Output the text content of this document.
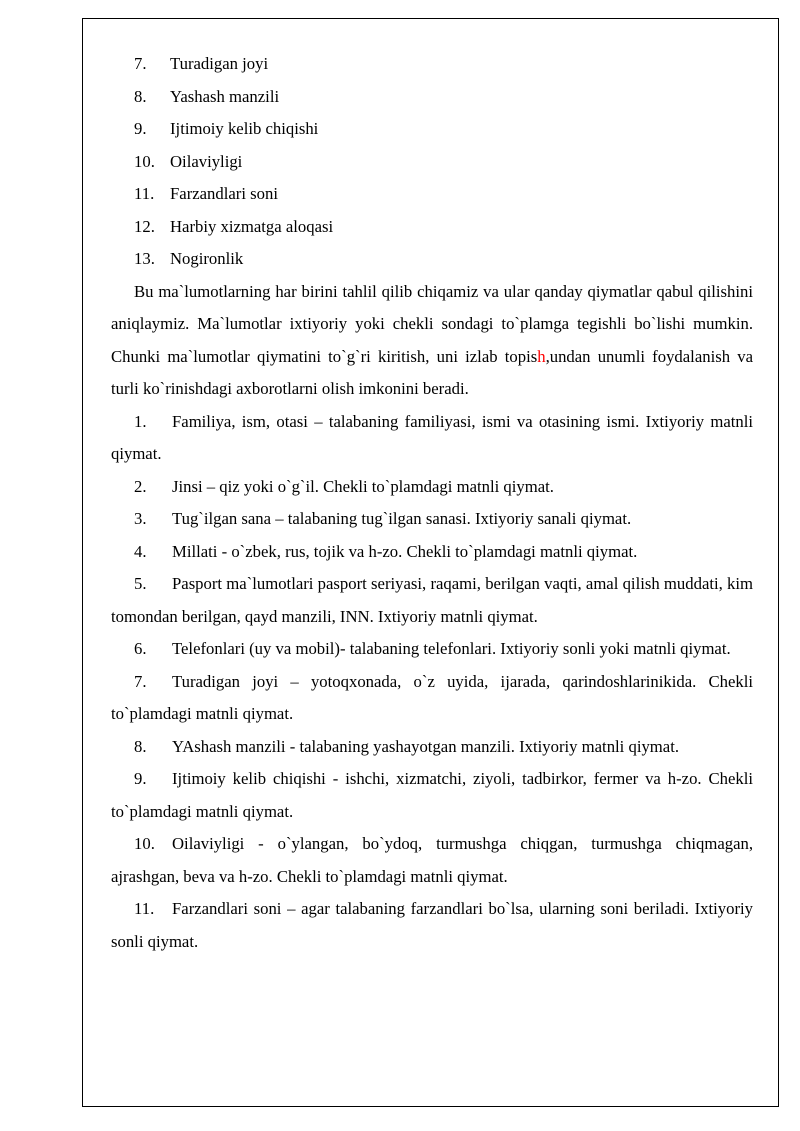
7.	Turadigan joyi
8.	Yashash manzili
9.	Ijtimoiy kelib chiqishi
10. Oilaviyligi
11. Farzandlari soni
12. Harbiy xizmatga aloqasi
13. Nogironlik

Bu ma`lumotlarning har birini tahlil qilib chiqamiz va ular qanday qiymatlar qabul qilishini aniqlaymiz. Ma`lumotlar ixtiyoriy yoki chekli sondagi to`plamga tegishli bo`lishi mumkin. Chunki ma`lumotlar qiymatini to`g`ri kiritish, uni izlab topish,undan unumli foydalanish va turli ko`rinishdagi axborotlarni olish imkonini beradi.

1. Familiya, ism, otasi – talabaning familiyasi, ismi va otasining ismi. Ixtiyoriy matnli qiymat.

2. Jinsi – qiz yoki o`g`il. Chekli to`plamdagi matnli qiymat.

3. Tug`ilgan sana – talabaning tug`ilgan sanasi. Ixtiyoriy sanali qiymat.

4. Millati - o`zbek, rus, tojik va h-zo. Chekli to`plamdagi matnli qiymat.

5. Pasport ma`lumotlari pasport seriyasi, raqami, berilgan vaqti, amal qilish muddati, kim tomondan berilgan, qayd manzili, INN. Ixtiyoriy matnli qiymat.

6. Telefonlari (uy va mobil)- talabaning telefonlari. Ixtiyoriy sonli yoki matnli qiymat.

7. Turadigan joyi – yotoqxonada, o`z uyida, ijarada, qarindoshlarinikida. Chekli to`plamdagi matnli qiymat.

8. YAshash manzili - talabaning yashayotgan manzili. Ixtiyoriy matnli qiymat.

9. Ijtimoiy kelib chiqishi - ishchi, xizmatchi, ziyoli, tadbirkor, fermer va h-zo. Chekli to`plamdagi matnli qiymat.

10. Oilaviyligi - o`ylangan, bo`ydoq, turmushga chiqgan, turmushga chiqmagan, ajrashgan, beva va h-zo. Chekli to`plamdagi matnli qiymat.

11. Farzandlari soni – agar talabaning farzandlari bo`lsa, ularning soni beriladi. Ixtiyoriy sonli qiymat.
